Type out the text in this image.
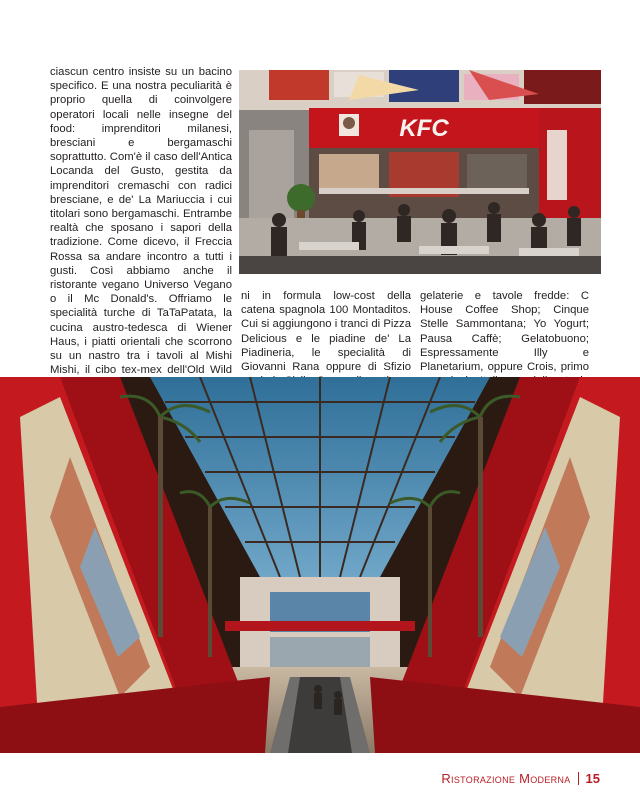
ciascun centro insiste su un bacino specifico. E una nostra peculiarità è proprio quella di coinvolgere operatori locali nelle insegne del food: imprenditori milanesi, bresciani e bergamaschi soprattutto. Com'è il caso dell'Antica Locanda del Gusto, gestita da imprenditori cremaschi con radici bresciane, e de' La Mariuccia i cui titolari sono bergamaschi. Entrambe realtà che sposano i sapori della tradizione. Come dicevo, il Freccia Rossa sa andare incontro a tutti i gusti. Così abbiamo anche il ristorante vegano Universo Vegano o il Mc Donald's. Offriamo le specialità turche di TaTaPatata, la cucina austro-tedesca di Wiener Haus, i piatti orientali che scorrono su un nastro tra i tavoli al Mishi Mishi, il cibo tex-mex dell'Old Wild

KFC

ni in formula low-cost della catena spagnola 100 Montaditos. Cui si aggiungono i tranci di Pizza Delicious e le piadine de' La Piadineria, le specialità di Giovanni Rana oppure di Sfizio

gelaterie e tavole fredde: C House Coffee Shop; Cinque Stelle Sammontana; Yo Yogurt; Pausa Caffè; Gelatobuono; Espressamente Illy e Planetarium, oppure Crois, primo

Ristorazione Moderna 15
